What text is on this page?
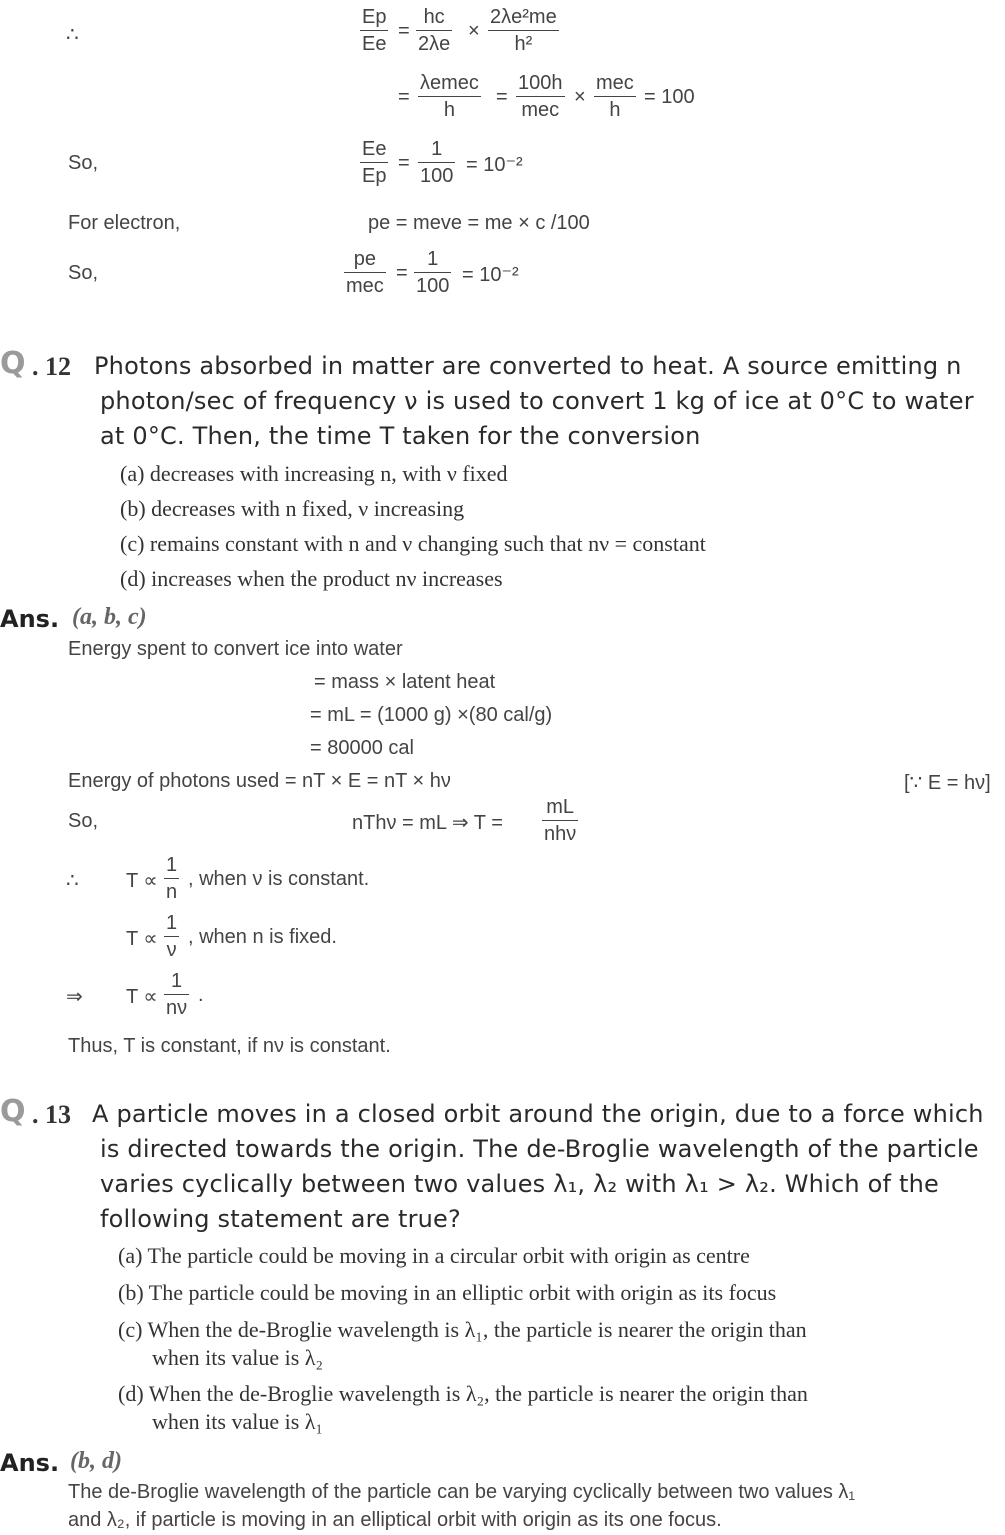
∴	$\frac{Ep}{Ee} = \frac{hc}{2\lambda e} \times \frac{\text{2λe²me}}{\text{h²}}$
=
λemec
h
=
100h
mec
×
mec
h
= 100
So,	$\frac{Ee}{Ep} = \frac{1}{100} = 10^{-2}$
For electron,	pe = meve = me × c /100
So,
pe
mec
= $\frac{1}{100} = 10^{-2}$
Q . 12 Photons absorbed in matter are converted to heat. A source emitting n
photon/sec of frequency ν is used to convert 1 kg of ice at 0°C to water
at 0°C. Then, the time T taken for the conversion
(a) decreases with increasing n, with ν fixed
(b) decreases with n fixed, ν increasing
(c) remains constant with n and ν changing such that nν = constant
(d) increases when the product nν increases
Ans. (a, b, c)
Energy spent to convert ice into water
= mass × latent heat
= mL = (1000 g) ×(80 cal/g)
= 80000 cal
Energy of photons used = nT × E = nT × hν	[∵ E = hν]
So,	nThν = mL ⇒ T =
mL
nhν
∴ $T \propto \frac{1}{n}$ , when ν is constant.
$T \propto \frac{1}{\nu}$ , when n is fixed.
⇒ $T \propto \frac{1}{n\nu}$ .
Thus, T is constant, if nν is constant.
Q . 13 A particle moves in a closed orbit around the origin, due to a force which
is directed towards the origin. The de-Broglie wavelength of the particle
varies cyclically between two values λ₁, λ₂ with λ₁ > λ₂. Which of the
following statement are true?
(a) The particle could be moving in a circular orbit with origin as centre
(b) The particle could be moving in an elliptic orbit with origin as its focus
(c) When the de-Broglie wavelength is λ₁, the particle is nearer the origin than
when its value is λ₂
(d) When the de-Broglie wavelength is λ₂, the particle is nearer the origin than
when its value is λ₁
Ans. (b, d)
The de-Broglie wavelength of the particle can be varying cyclically between two values λ₁
and λ₂, if particle is moving in an elliptical orbit with origin as its one focus.
